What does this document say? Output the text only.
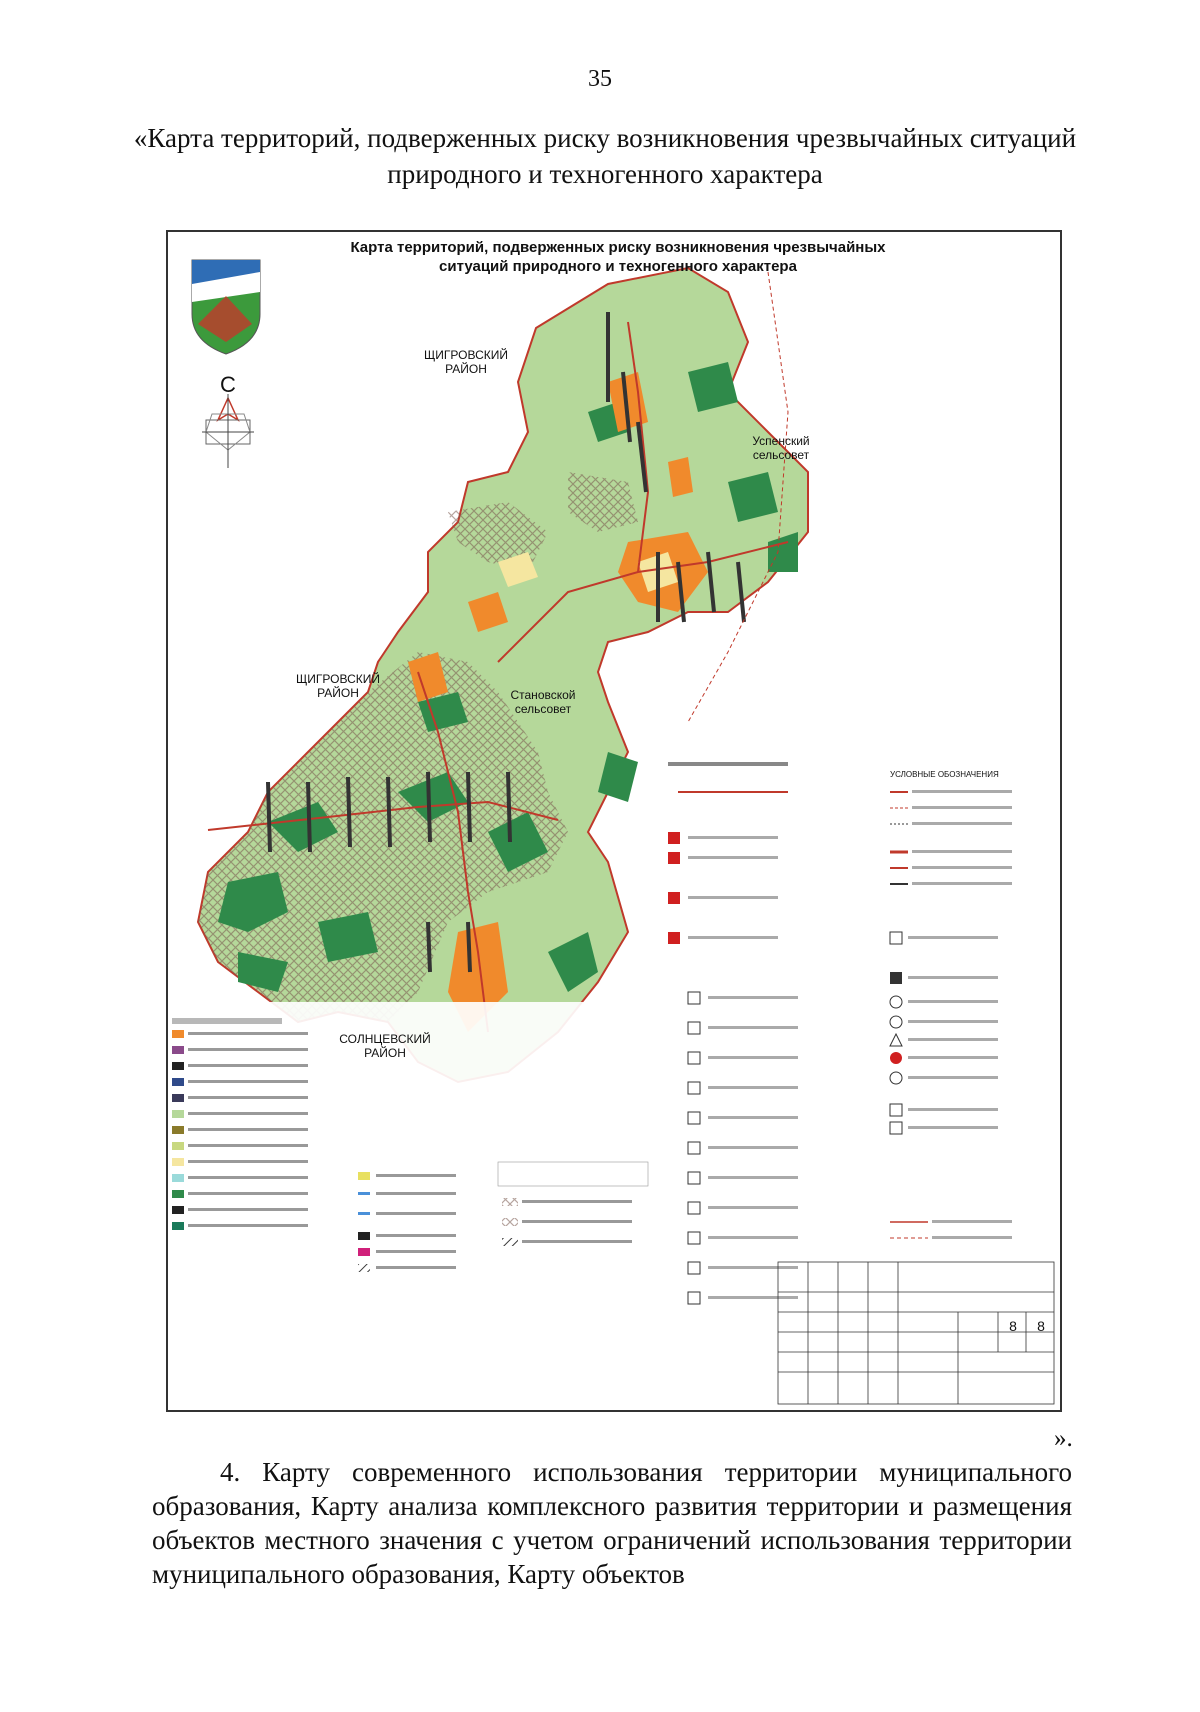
35
«Карта территорий, подверженных риску возникновения чрезвычайных ситуаций природного и техногенного характера
Карта территорий, подверженных риску возникновения чрезвычайных ситуаций природного и техногенного характера
С
ЩИГРОВСКИЙ РАЙОН
Успенский сельсовет
ЩИГРОВСКИЙ РАЙОН	Становской сельсовет
СОЛНЦЕВСКИЙ РАЙОН
УСЛОВНЫЕ ОБОЗНАЧЕНИЯ
8	8
».
4. Карту современного использования территории муниципального образования, Карту анализа комплексного развития территории и размещения объектов местного значения с учетом ограничений использования территории муниципального образования, Карту объектов
